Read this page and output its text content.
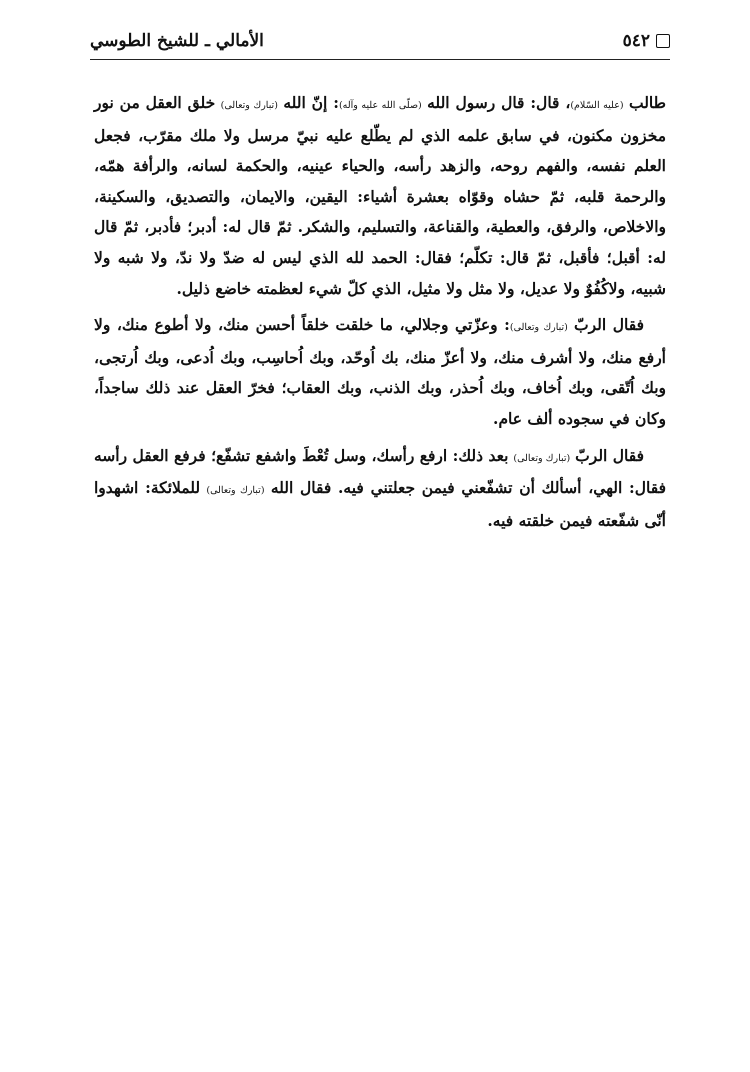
٥٤٢
الأمالي ـ للشيخ الطوسي

طالب (عليه السّلام)، قال: قال رسول الله (صلّى الله عليه وآله): إنّ الله (تبارك وتعالى) خلق العقل من نور مخزون مكنون، في سابق علمه الذي لم يطّلع عليه نبيّ مرسل ولا ملك مقرّب، فجعل العلم نفسه، والفهم روحه، والزهد رأسه، والحياء عينيه، والحكمة لسانه، والرأفة همّه، والرحمة قلبه، ثمّ حشاه وقوّاه بعشرة أشياء: اليقين، والايمان، والتصديق، والسكينة، والاخلاص، والرفق، والعطية، والقناعة، والتسليم، والشكر. ثمّ قال له: أدبر؛ فأدبر، ثمّ قال له: أقبل؛ فأقبل، ثمّ قال: تكلّم؛ فقال: الحمد لله الذي ليس له ضدّ ولا ندّ، ولا شبه ولا شبيه، ولاكُفُوٌ ولا عديل، ولا مثل ولا مثيل، الذي كلّ شيء لعظمته خاضع ذليل.

فقال الربّ (تبارك وتعالى): وعزّتي وجلالي، ما خلقت خلقاً أحسن منك، ولا أطوع منك، ولا أرفع منك، ولا أشرف منك، ولا أعزّ منك، بك اُوحّد، وبك اُحاسِب، وبك اُدعى، وبك اُرتجى، وبك اُتّقى، وبك اُخاف، وبك اُحذر، وبك الذنب، وبك العقاب؛ فخرّ العقل عند ذلك ساجداً، وكان في سجوده ألف عام.

فقال الربّ (تبارك وتعالى) بعد ذلك: ارفع رأسك، وسل تُعْطَ واشفع تشفّع؛ فرفع العقل رأسه فقال: الهي، أسألك أن تشفّعني فيمن جعلتني فيه. فقال الله (تبارك وتعالى) للملائكة: اشهدوا أنّى شفّعته فيمن خلقته فيه.
